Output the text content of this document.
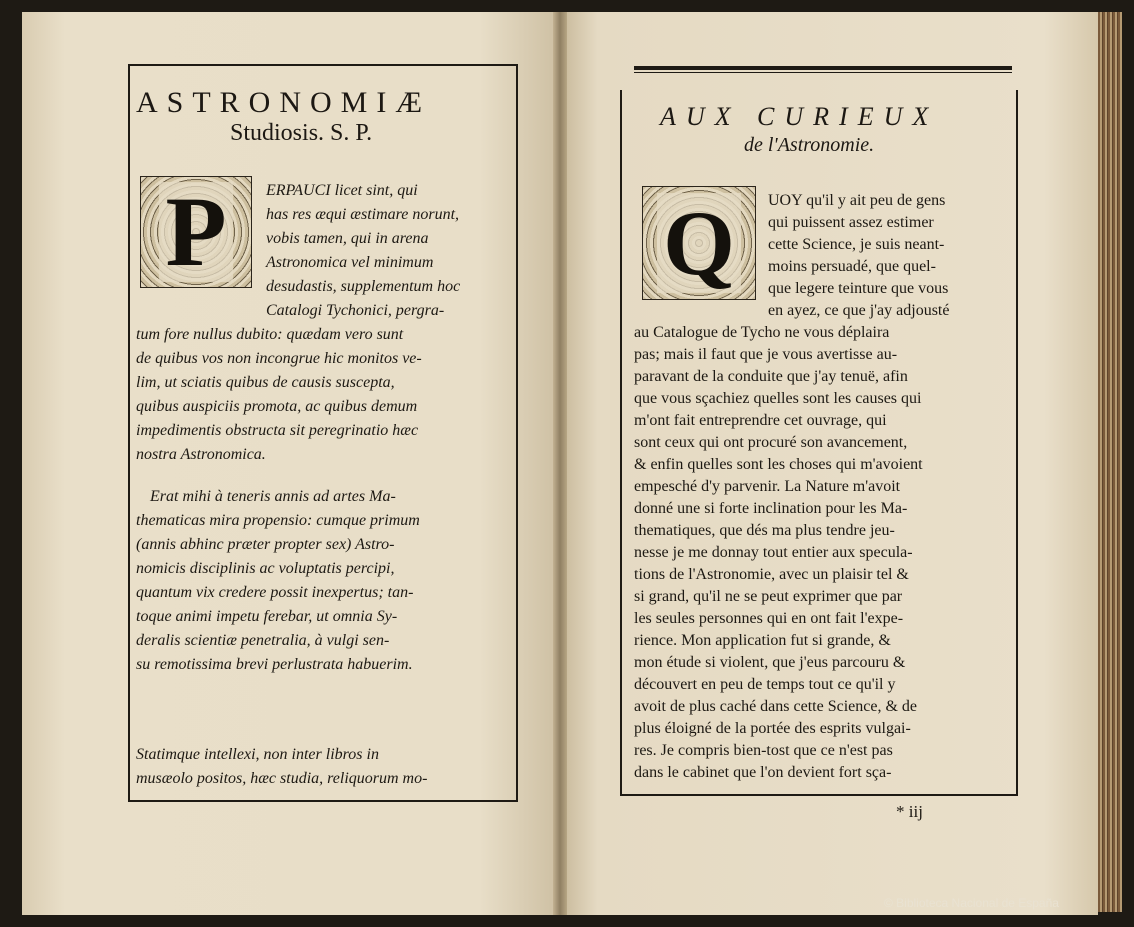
ASTRONOMIÆ
Studiosis. S. P.
P	ERPAUCI licet sint, qui
has res æqui æstimare norunt,
vobis tamen, qui in arena
Astronomica vel minimum
desudastis, supplementum hoc
Catalogi Tychonici, pergra-
tum fore nullus dubito: quædam vero sunt
de quibus vos non incongrue hic monitos ve-
lim, ut sciatis quibus de causis suscepta,
quibus auspiciis promota, ac quibus demum
impedimentis obstructa sit peregrinatio hæc
nostra Astronomica.
Erat mihi à teneris annis ad artes Ma-
thematicas mira propensio: cumque primum
(annis abhinc præter propter sex) Astro-
nomicis disciplinis ac voluptatis percipi,
quantum vix credere possit inexpertus; tan-
toque animi impetu ferebar, ut omnia Sy-
deralis scientiæ penetralia, à vulgi sen-
su remotissima brevi perlustrata habuerim.
Statimque intellexi, non inter libros in
musæolo positos, hæc studia, reliquorum mo-
AUX CURIEUX
de l'Astronomie.
Q	UOY qu'il y ait peu de gens
qui puissent assez estimer
cette Science, je suis neant-
moins persuadé, que quel-
que legere teinture que vous
en ayez, ce que j'ay adjousté
au Catalogue de Tycho ne vous déplaira
pas; mais il faut que je vous avertisse au-
paravant de la conduite que j'ay tenuë, afin
que vous sçachiez quelles sont les causes qui
m'ont fait entreprendre cet ouvrage, qui
sont ceux qui ont procuré son avancement,
& enfin quelles sont les choses qui m'avoient
empesché d'y parvenir. La Nature m'avoit
donné une si forte inclination pour les Ma-
thematiques, que dés ma plus tendre jeu-
nesse je me donnay tout entier aux specula-
tions de l'Astronomie, avec un plaisir tel &
si grand, qu'il ne se peut exprimer que par
les seules personnes qui en ont fait l'expe-
rience. Mon application fut si grande, &
mon étude si violent, que j'eus parcouru &
découvert en peu de temps tout ce qu'il y
avoit de plus caché dans cette Science, & de
plus éloigné de la portée des esprits vulgai-
res. Je compris bien-tost que ce n'est pas
dans le cabinet que l'on devient fort sça-
* iij
© Biblioteca Nacional de España
